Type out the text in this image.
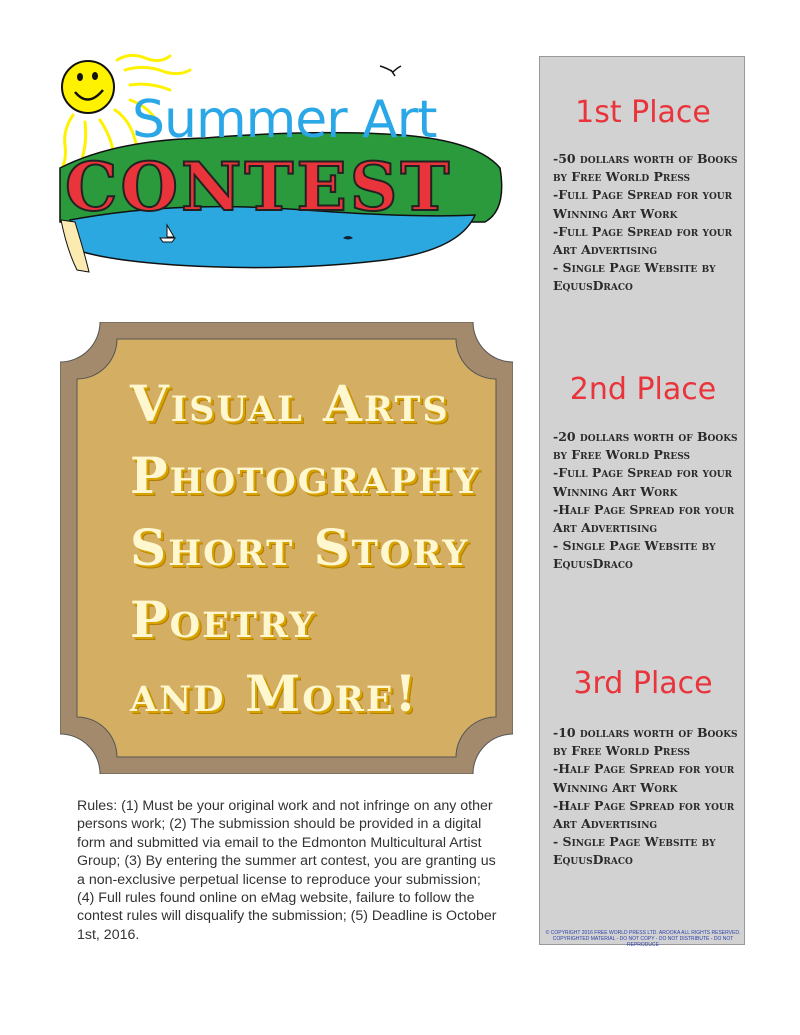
Summer Art
CONTEST
Visual Arts
Photography
Short Story
Poetry
and More!
Rules: (1) Must be your original work and not infringe on any other persons work; (2) The submission should be provided in a digital form and submitted via email to the Edmonton Multicultural Artist Group; (3) By entering the summer art contest, you are granting us a non-exclusive perpetual license to reproduce your submission; (4) Full rules found online on eMag website, failure to follow the contest rules will disqualify the submission; (5) Deadline is October 1st, 2016.
1st Place
-50 dollars worth of Books by Free World Press
-Full Page Spread for your Winning Art Work
-Full Page Spread for your Art Advertising
- Single Page Website by EquusDraco
2nd Place
-20 dollars worth of Books by Free World Press
-Full Page Spread for your Winning Art Work
-Half Page Spread for your Art Advertising
- Single Page Website by EquusDraco
3rd Place
-10 dollars worth of Books by Free World Press
-Half Page Spread for your Winning Art Work
-Half Page Spread for your Art Advertising
- Single Page Website by EquusDraco
© COPYRIGHT 2016 FREE WORLD PRESS LTD. AROOKA ALL RIGHTS RESERVED.
COPYRIGHTED MATERIAL - DO NOT COPY - DO NOT DISTRIBUTE - DO NOT REPRODUCE
